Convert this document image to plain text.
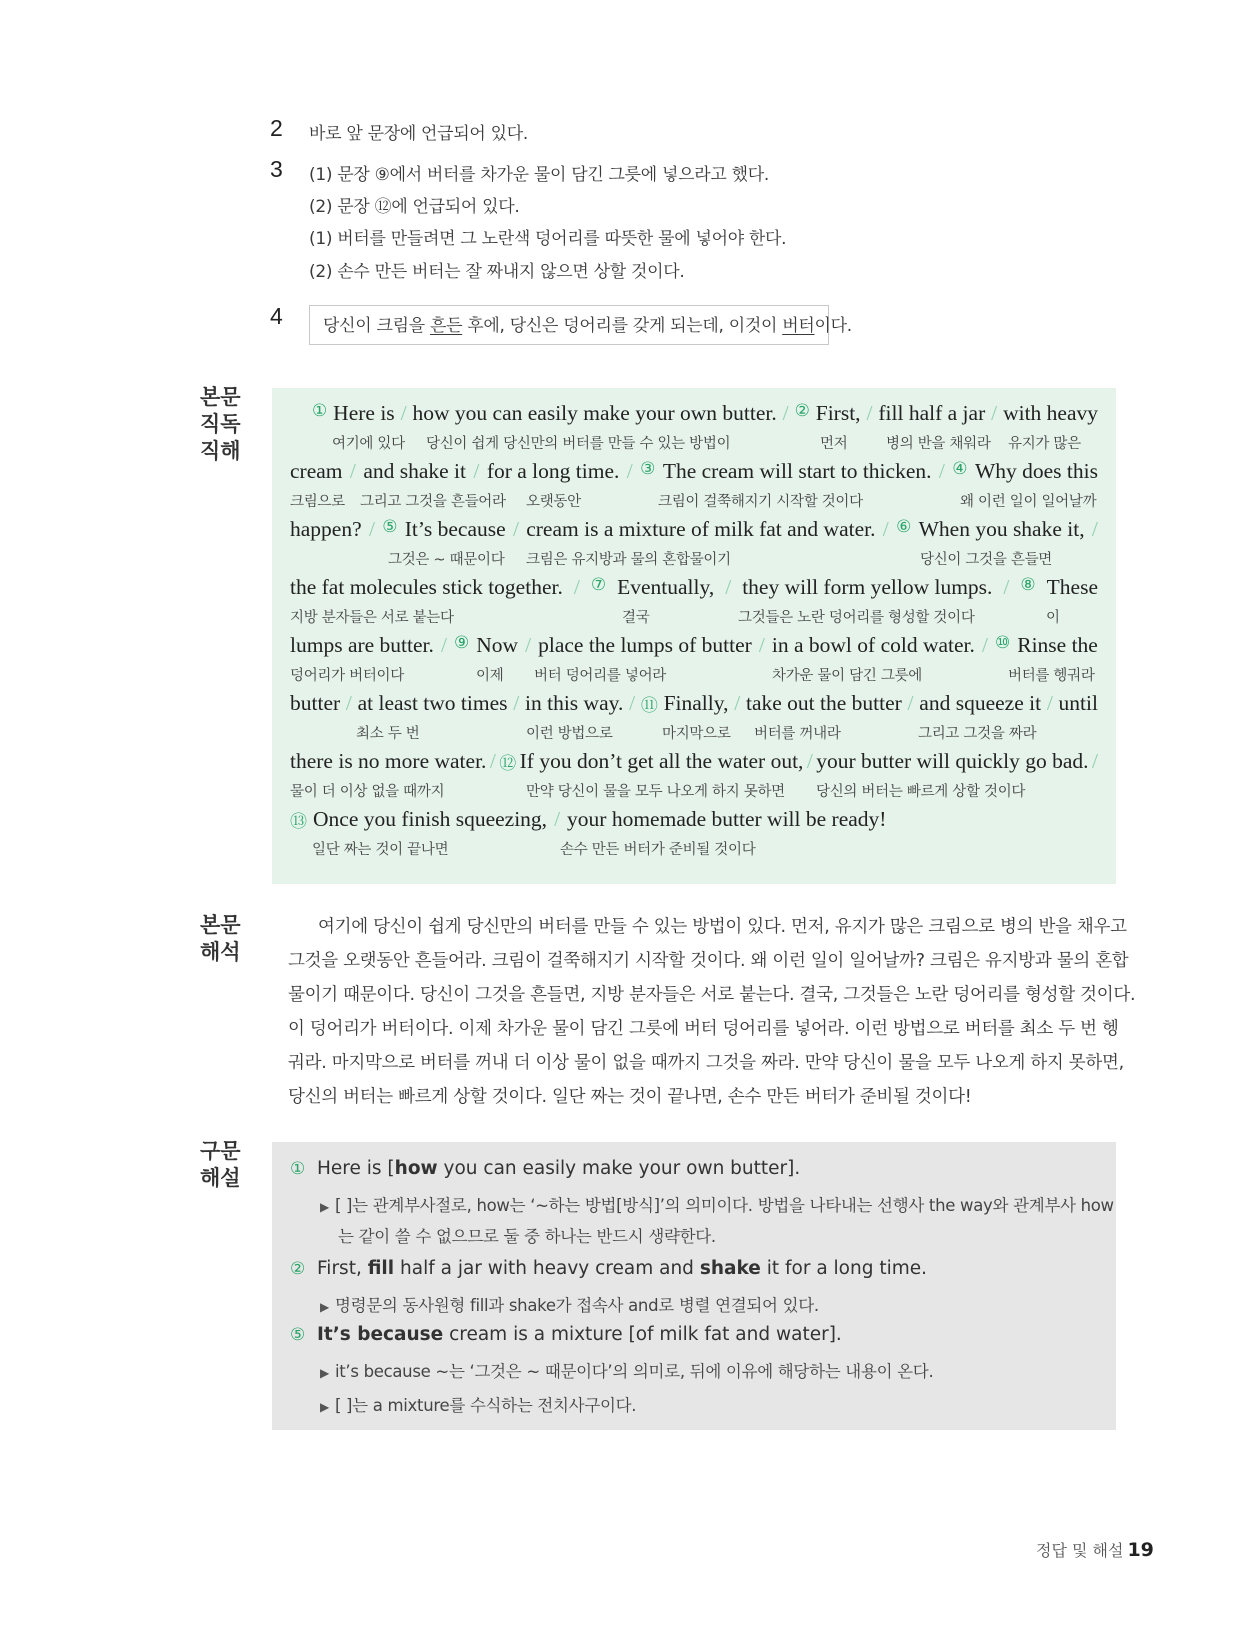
2 바로 앞 문장에 언급되어 있다.
3 (1) 문장 ⑨에서 버터를 차가운 물이 담긴 그릇에 넣으라고 했다.
(2) 문장 ⑫에 언급되어 있다.
(1) 버터를 만들려면 그 노란색 덩어리를 따뜻한 물에 넣어야 한다.
(2) 손수 만든 버터는 잘 짜내지 않으면 상할 것이다.
4	당신이 크림을 흔든 후에, 당신은 덩어리를 갖게 되는데, 이것이 버터이다.
본문
직독
직해
본문
해석
구문
해설
① Here is / how you can easily make your own butter. / ② First, / fill half a jar / with heavy
여기에 있다 당신이 쉽게 당신만의 버터를 만들 수 있는 방법이	먼저	병의 반을 채워라 유지가 많은
cream / and shake it / for a long time. / ③ The cream will start to thicken. / ④ Why does this
크림으로 그리고 그것을 흔들어라 오랫동안	크림이 걸쭉해지기 시작할 것이다	왜 이런 일이 일어날까
happen? / ⑤ It’s because / cream is a mixture of milk fat and water. / ⑥ When you shake it, /
그것은 ~ 때문이다 크림은 유지방과 물의 혼합물이기	당신이 그것을 흔들면
the fat molecules stick together. / ⑦ Eventually, / they will form yellow lumps. / ⑧ These
지방 분자들은 서로 붙는다	결국	그것들은 노란 덩어리를 형성할 것이다	이
lumps are butter. / ⑨ Now / place the lumps of butter / in a bowl of cold water. / ⑩ Rinse the
덩어리가 버터이다	이제 버터 덩어리를 넣어라	차가운 물이 담긴 그릇에	버터를 헹궈라
butter / at least two times / in this way. / ⑪ Finally, / take out the butter / and squeeze it / until
최소 두 번	이런 방법으로	마지막으로 버터를 꺼내라	그리고 그것을 짜라
there is no more water. / ⑫ If you don’t get all the water out, / your butter will quickly go bad. /
물이 더 이상 없을 때까지	만약 당신이 물을 모두 나오게 하지 못하면 당신의 버터는 빠르게 상할 것이다
⑬ Once you finish squeezing, / your homemade butter will be ready!
일단 짜는 것이 끝나면	손수 만든 버터가 준비될 것이다
여기에 당신이 쉽게 당신만의 버터를 만들 수 있는 방법이 있다. 먼저, 유지가 많은 크림으로 병의 반을 채우고
그것을 오랫동안 흔들어라. 크림이 걸쭉해지기 시작할 것이다. 왜 이런 일이 일어날까? 크림은 유지방과 물의 혼합
물이기 때문이다. 당신이 그것을 흔들면, 지방 분자들은 서로 붙는다. 결국, 그것들은 노란 덩어리를 형성할 것이다.
이 덩어리가 버터이다. 이제 차가운 물이 담긴 그릇에 버터 덩어리를 넣어라. 이런 방법으로 버터를 최소 두 번 헹
궈라. 마지막으로 버터를 꺼내 더 이상 물이 없을 때까지 그것을 짜라. 만약 당신이 물을 모두 나오게 하지 못하면,
당신의 버터는 빠르게 상할 것이다. 일단 짜는 것이 끝나면, 손수 만든 버터가 준비될 것이다!
① Here is [how you can easily make your own butter].
▶ [ ]는 관계부사절로, how는 ‘~하는 방법[방식]’의 의미이다. 방법을 나타내는 선행사 the way와 관계부사 how
는 같이 쓸 수 없으므로 둘 중 하나는 반드시 생략한다.
② First, fill half a jar with heavy cream and shake it for a long time.
▶ 명령문의 동사원형 fill과 shake가 접속사 and로 병렬 연결되어 있다.
⑤ It’s because cream is a mixture [of milk fat and water].
▶ it’s because ~는 ‘그것은 ~ 때문이다’의 의미로, 뒤에 이유에 해당하는 내용이 온다.
▶ [ ]는 a mixture를 수식하는 전치사구이다.
정답 및 해설 19
